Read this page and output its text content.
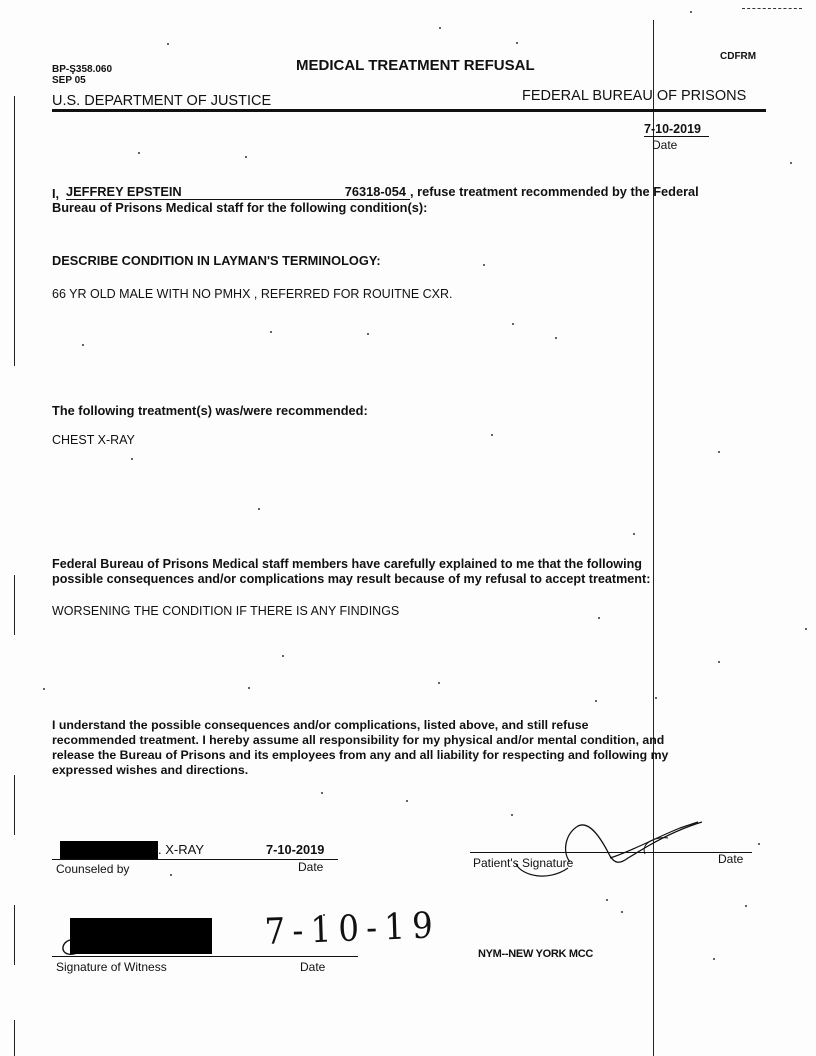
BP-S358.060
SEP 05
MEDICAL TREATMENT REFUSAL
CDFRM
U.S. DEPARTMENT OF JUSTICE	FEDERAL BUREAU OF PRISONS
7-10-2019
Date
I, JEFFREY EPSTEIN	76318-054 , refuse treatment recommended by the Federal
Bureau of Prisons Medical staff for the following condition(s):
DESCRIBE CONDITION IN LAYMAN'S TERMINOLOGY:
66 YR OLD MALE WITH NO PMHX , REFERRED FOR ROUITNE CXR.
The following treatment(s) was/were recommended:
CHEST X-RAY

Federal Bureau of Prisons Medical staff members have carefully explained to me that the following

possible consequences and/or complications may result because of my refusal to accept treatment:

WORSENING THE CONDITION IF THERE IS ANY FINDINGS

I understand the possible consequences and/or complications, listed above, and still refuse

recommended treatment. I hereby assume all responsibility for my physical and/or mental condition, and

release the Bureau of Prisons and its employees from any and all liability for respecting and following my

expressed wishes and directions.

. X-RAY	7-10-2019
Counseled by	Date	Patient's Signature	Date
7-10-19
Signature of Witness	Date
NYM--NEW YORK MCC
